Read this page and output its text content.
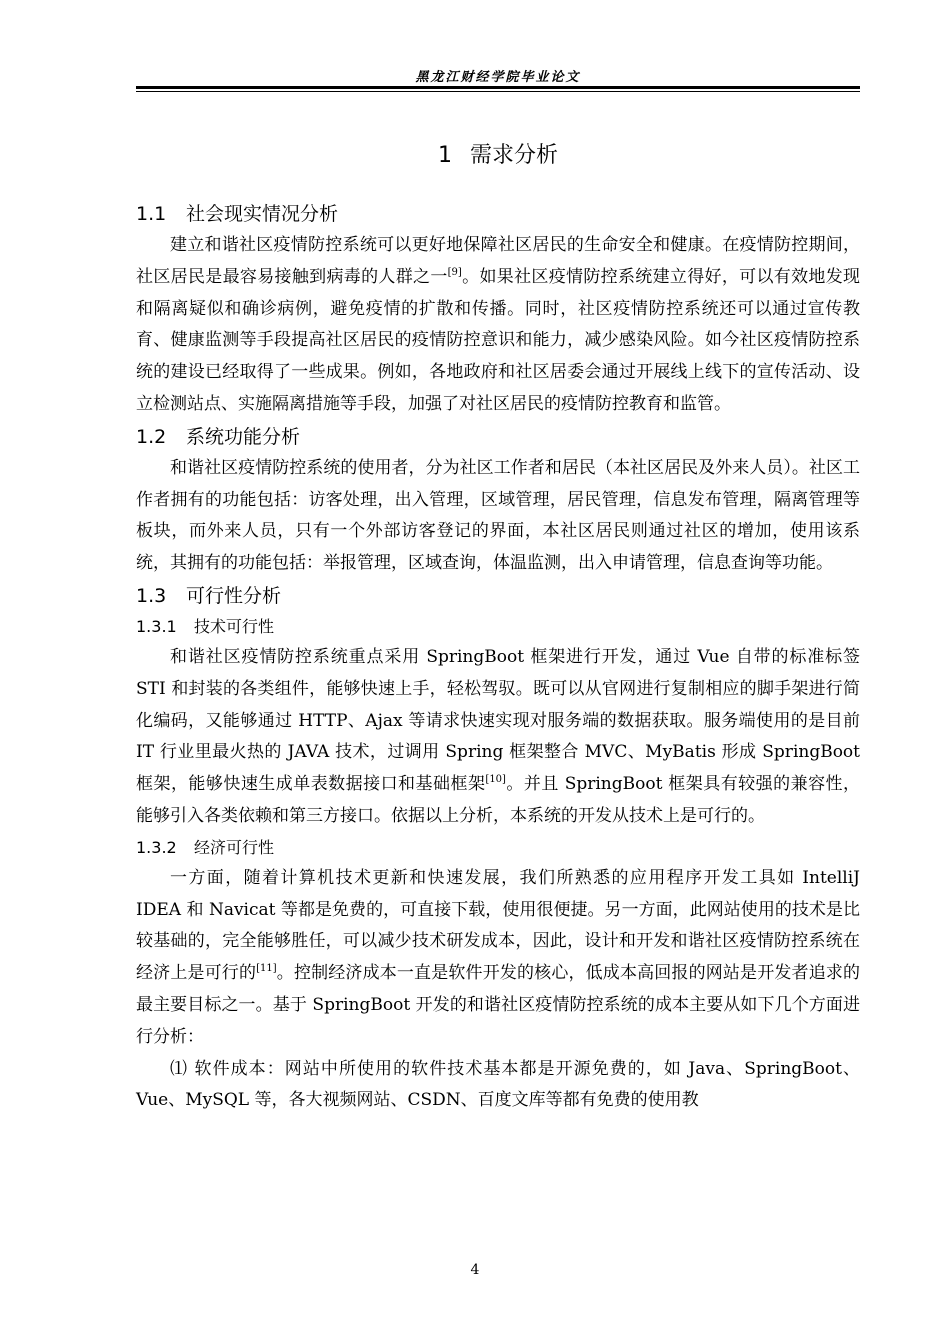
黑龙江财经学院毕业论文
1 需求分析
1.1 社会现实情况分析

建立和谐社区疫情防控系统可以更好地保障社区居民的生命安全和健康。在疫情防控期间，社区居民是最容易接触到病毒的人群之一[9]。如果社区疫情防控系统建立得好，可以有效地发现和隔离疑似和确诊病例，避免疫情的扩散和传播。同时，社区疫情防控系统还可以通过宣传教育、健康监测等手段提高社区居民的疫情防控意识和能力，减少感染风险。如今社区疫情防控系统的建设已经取得了一些成果。例如，各地政府和社区居委会通过开展线上线下的宣传活动、设立检测站点、实施隔离措施等手段，加强了对社区居民的疫情防控教育和监管。

1.2 系统功能分析

和谐社区疫情防控系统的使用者，分为社区工作者和居民（本社区居民及外来人员）。社区工作者拥有的功能包括：访客处理，出入管理，区域管理，居民管理，信息发布管理，隔离管理等板块，而外来人员，只有一个外部访客登记的界面，本社区居民则通过社区的增加，使用该系统，其拥有的功能包括：举报管理，区域查询，体温监测，出入申请管理，信息查询等功能。

1.3 可行性分析
1.3.1 技术可行性

和谐社区疫情防控系统重点采用 SpringBoot 框架进行开发，通过 Vue 自带的标准标签 STI 和封装的各类组件，能够快速上手，轻松驾驭。既可以从官网进行复制相应的脚手架进行简化编码，又能够通过 HTTP、Ajax 等请求快速实现对服务端的数据获取。服务端使用的是目前 IT 行业里最火热的 JAVA 技术，过调用 Spring 框架整合 MVC、MyBatis 形成 SpringBoot 框架，能够快速生成单表数据接口和基础框架[10]。并且 SpringBoot 框架具有较强的兼容性，能够引入各类依赖和第三方接口。依据以上分析，本系统的开发从技术上是可行的。

1.3.2 经济可行性

一方面，随着计算机技术更新和快速发展，我们所熟悉的应用程序开发工具如 IntelliJ IDEA 和 Navicat 等都是免费的，可直接下载，使用很便捷。另一方面，此网站使用的技术是比较基础的，完全能够胜任，可以减少技术研发成本，因此，设计和开发和谐社区疫情防控系统在经济上是可行的[11]。控制经济成本一直是软件开发的核心，低成本高回报的网站是开发者追求的最主要目标之一。基于 SpringBoot 开发的和谐社区疫情防控系统的成本主要从如下几个方面进行分析：

⑴ 软件成本：网站中所使用的软件技术基本都是开源免费的，如 Java、SpringBoot、Vue、MySQL 等，各大视频网站、CSDN、百度文库等都有免费的使用教

4
